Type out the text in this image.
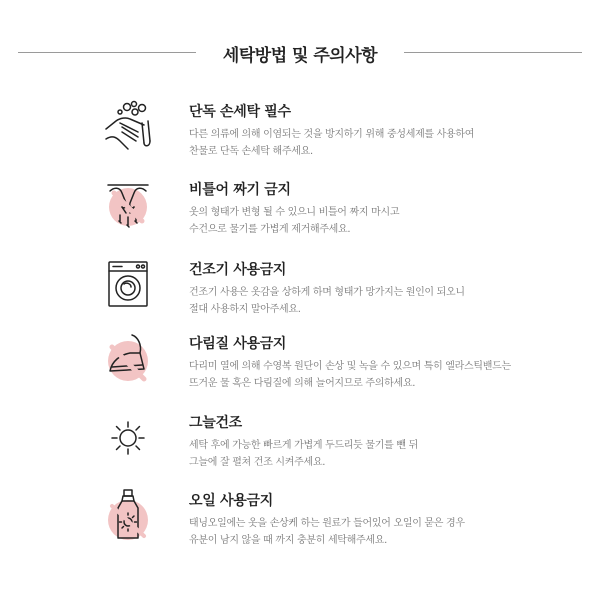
세탁방법 및 주의사항
단독 손세탁 필수
다른 의류에 의해 이염되는 것을 방지하기 위해 중성세제를 사용하여
찬물로 단독 손세탁 해주세요.
비틀어 짜기 금지
옷의 형태가 변형 될 수 있으니 비틀어 짜지 마시고
수건으로 물기를 가볍게 제거해주세요.
건조기 사용금지
건조기 사용은 옷감을 상하게 하며 형태가 망가지는 원인이 되오니
절대 사용하지 말아주세요.
다림질 사용금지
다리미 열에 의해 수영복 원단이 손상 및 녹을 수 있으며 특히 엘라스틱밴드는
뜨거운 물 혹은 다림질에 의해 늘어지므로 주의하세요.
그늘건조
세탁 후에 가능한 빠르게 가볍게 두드리듯 물기를 뺀 뒤
그늘에 잘 펼쳐 건조 시켜주세요.
오일 사용금지
태닝오일에는 옷을 손상케 하는 원료가 들어있어 오일이 묻은 경우
유분이 남지 않을 때 까지 충분히 세탁해주세요.
